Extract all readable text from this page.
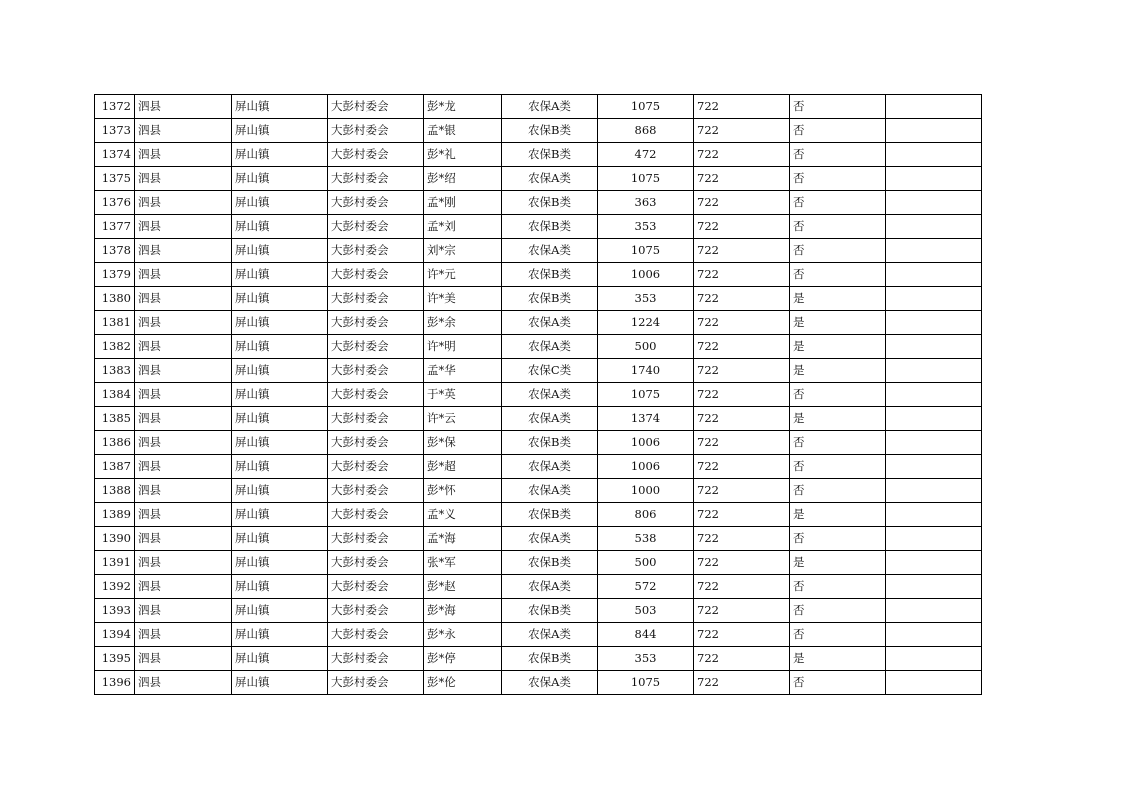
1372	泗县	屏山镇	大彭村委会	彭*龙	农保A类	1075	722	否	
1373	泗县	屏山镇	大彭村委会	孟*银	农保B类	868	722	否	
1374	泗县	屏山镇	大彭村委会	彭*礼	农保B类	472	722	否	
1375	泗县	屏山镇	大彭村委会	彭*绍	农保A类	1075	722	否	
1376	泗县	屏山镇	大彭村委会	孟*刚	农保B类	363	722	否	
1377	泗县	屏山镇	大彭村委会	孟*刘	农保B类	353	722	否	
1378	泗县	屏山镇	大彭村委会	刘*宗	农保A类	1075	722	否	
1379	泗县	屏山镇	大彭村委会	许*元	农保B类	1006	722	否	
1380	泗县	屏山镇	大彭村委会	许*美	农保B类	353	722	是	
1381	泗县	屏山镇	大彭村委会	彭*余	农保A类	1224	722	是	
1382	泗县	屏山镇	大彭村委会	许*明	农保A类	500	722	是	
1383	泗县	屏山镇	大彭村委会	孟*华	农保C类	1740	722	是	
1384	泗县	屏山镇	大彭村委会	于*英	农保A类	1075	722	否	
1385	泗县	屏山镇	大彭村委会	许*云	农保A类	1374	722	是	
1386	泗县	屏山镇	大彭村委会	彭*保	农保B类	1006	722	否	
1387	泗县	屏山镇	大彭村委会	彭*超	农保A类	1006	722	否	
1388	泗县	屏山镇	大彭村委会	彭*怀	农保A类	1000	722	否	
1389	泗县	屏山镇	大彭村委会	孟*义	农保B类	806	722	是	
1390	泗县	屏山镇	大彭村委会	孟*海	农保A类	538	722	否	
1391	泗县	屏山镇	大彭村委会	张*军	农保B类	500	722	是	
1392	泗县	屏山镇	大彭村委会	彭*赵	农保A类	572	722	否	
1393	泗县	屏山镇	大彭村委会	彭*海	农保B类	503	722	否	
1394	泗县	屏山镇	大彭村委会	彭*永	农保A类	844	722	否	
1395	泗县	屏山镇	大彭村委会	彭*停	农保B类	353	722	是	
1396	泗县	屏山镇	大彭村委会	彭*伦	农保A类	1075	722	否	
